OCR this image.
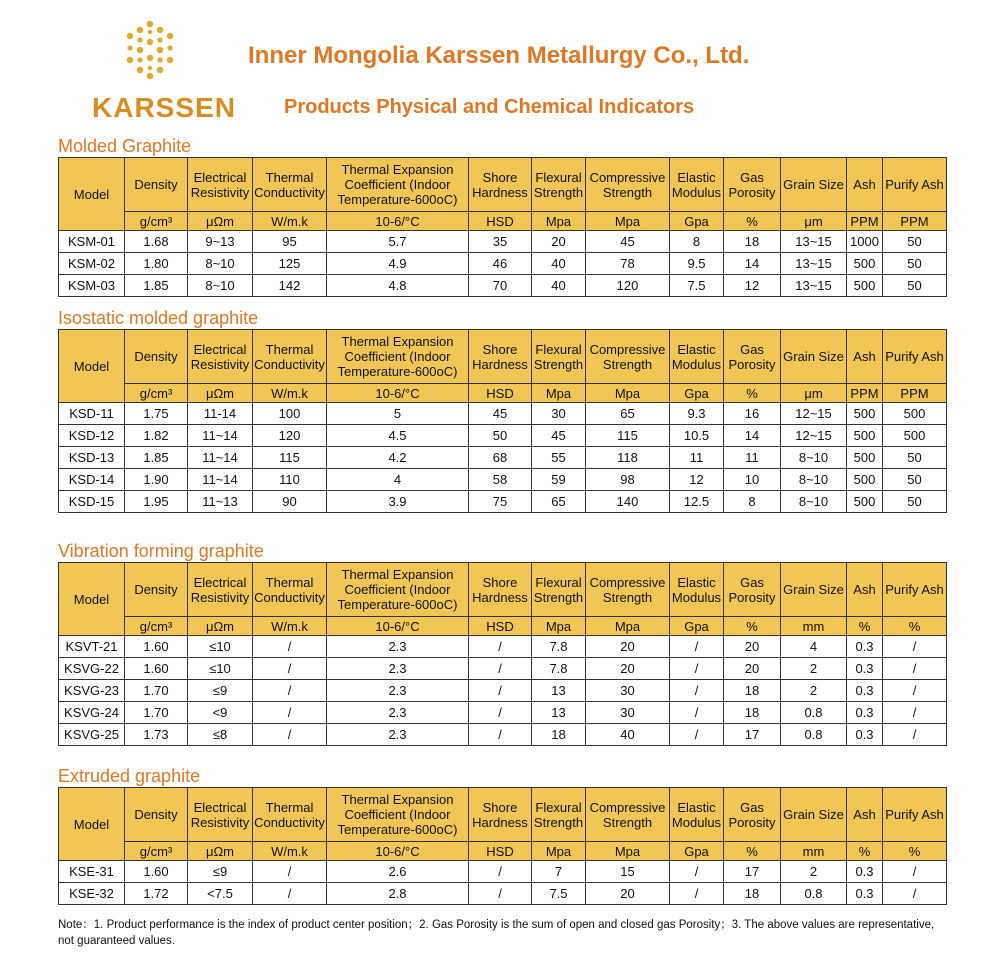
KARSSEN
Inner Mongolia Karssen Metallurgy Co., Ltd.
Products Physical and Chemical Indicators
Molded Graphite
Model	Density	Electrical Resistivity	Thermal Conductivity	Thermal Expansion Coefficient (Indoor Temperature-600oC)	Shore Hardness	Flexural Strength	Compressive Strength	Elastic Modulus	Gas Porosity	Grain Size	Ash	Purify Ash
	g/cm³	μΩm	W/m.k	10-6/°C	HSD	Mpa	Mpa	Gpa	%	μm	PPM	PPM
KSM-01	1.68	9~13	95	5.7	35	20	45	8	18	13~15	1000	50
KSM-02	1.80	8~10	125	4.9	46	40	78	9.5	14	13~15	500	50
KSM-03	1.85	8~10	142	4.8	70	40	120	7.5	12	13~15	500	50
Isostatic molded graphite
Model	Density	Electrical Resistivity	Thermal Conductivity	Thermal Expansion Coefficient (Indoor Temperature-600oC)	Shore Hardness	Flexural Strength	Compressive Strength	Elastic Modulus	Gas Porosity	Grain Size	Ash	Purify Ash
	g/cm³	μΩm	W/m.k	10-6/°C	HSD	Mpa	Mpa	Gpa	%	μm	PPM	PPM
KSD-11	1.75	11-14	100	5	45	30	65	9.3	16	12~15	500	500
KSD-12	1.82	11~14	120	4.5	50	45	115	10.5	14	12~15	500	500
KSD-13	1.85	11~14	115	4.2	68	55	118	11	11	8~10	500	50
KSD-14	1.90	11~14	110	4	58	59	98	12	10	8~10	500	50
KSD-15	1.95	11~13	90	3.9	75	65	140	12.5	8	8~10	500	50
Vibration forming graphite
Model	Density	Electrical Resistivity	Thermal Conductivity	Thermal Expansion Coefficient (Indoor Temperature-600oC)	Shore Hardness	Flexural Strength	Compressive Strength	Elastic Modulus	Gas Porosity	Grain Size	Ash	Purify Ash
	g/cm³	μΩm	W/m.k	10-6/°C	HSD	Mpa	Mpa	Gpa	%	mm	%	%
KSVT-21	1.60	≤10	/	2.3	/	7.8	20	/	20	4	0.3	/
KSVG-22	1.60	≤10	/	2.3	/	7.8	20	/	20	2	0.3	/
KSVG-23	1.70	≤9	/	2.3	/	13	30	/	18	2	0.3	/
KSVG-24	1.70	<9	/	2.3	/	13	30	/	18	0.8	0.3	/
KSVG-25	1.73	≤8	/	2.3	/	18	40	/	17	0.8	0.3	/
Extruded graphite
Model	Density	Electrical Resistivity	Thermal Conductivity	Thermal Expansion Coefficient (Indoor Temperature-600oC)	Shore Hardness	Flexural Strength	Compressive Strength	Elastic Modulus	Gas Porosity	Grain Size	Ash	Purify Ash
	g/cm³	μΩm	W/m.k	10-6/°C	HSD	Mpa	Mpa	Gpa	%	mm	%	%
KSE-31	1.60	≤9	/	2.6	/	7	15	/	17	2	0.3	/
KSE-32	1.72	<7.5	/	2.8	/	7.5	20	/	18	0.8	0.3	/
Note：1. Product performance is the index of product center position；2. Gas Porosity is the sum of open and closed gas Porosity；3. The above values are representative, not guaranteed values.
